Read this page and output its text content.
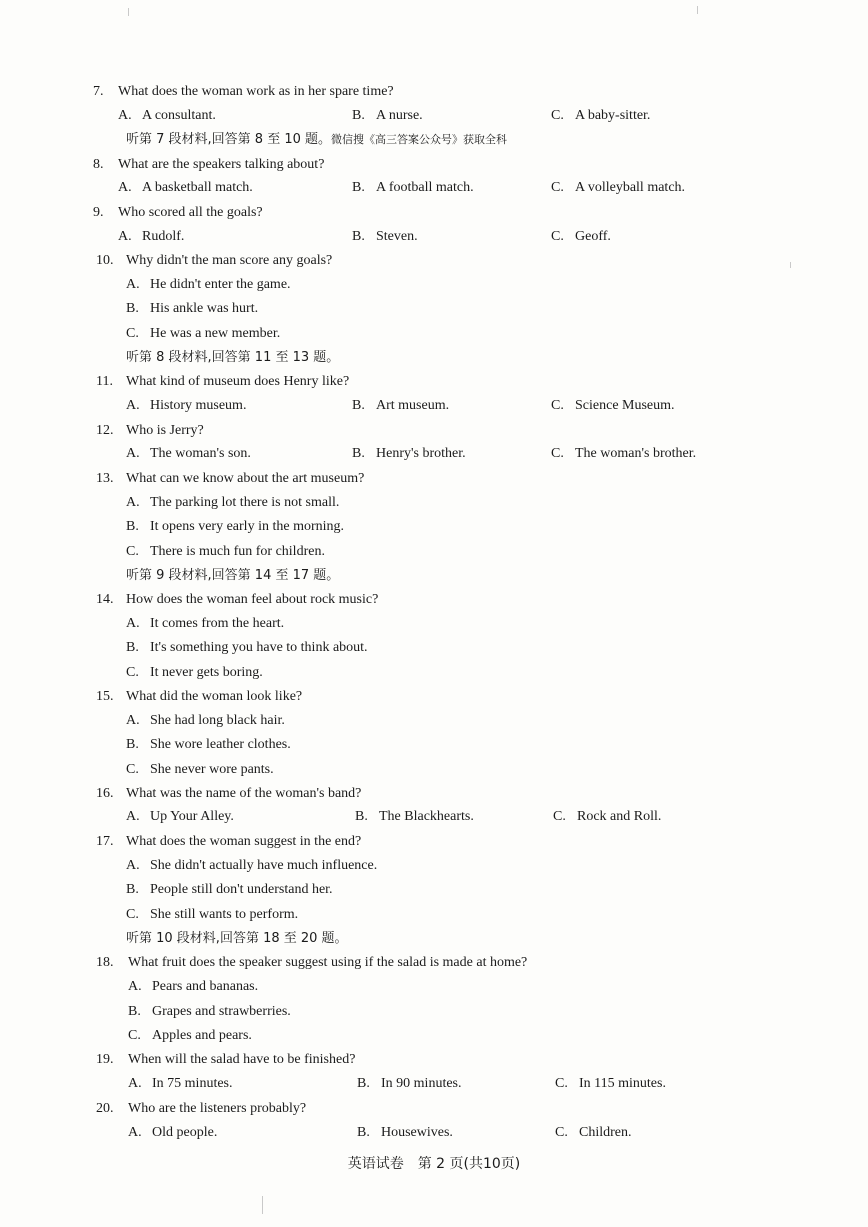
7. What does the woman work as in her spare time?
A. A consultant.	B. A nurse.	C. A baby-sitter.
听第 7 段材料,回答第 8 至 10 题。微信搜《高三答案公众号》获取全科
8. What are the speakers talking about?
A. A basketball match.	B. A football match.	C. A volleyball match.
9. Who scored all the goals?
A. Rudolf.	B. Steven.	C. Geoff.
10. Why didn't the man score any goals?
A. He didn't enter the game.
B. His ankle was hurt.
C. He was a new member.
听第 8 段材料,回答第 11 至 13 题。
11. What kind of museum does Henry like?
A. History museum.	B. Art museum.	C. Science Museum.
12. Who is Jerry?
A. The woman's son.	B. Henry's brother.	C. The woman's brother.
13. What can we know about the art museum?
A. The parking lot there is not small.
B. It opens very early in the morning.
C. There is much fun for children.
听第 9 段材料,回答第 14 至 17 题。
14. How does the woman feel about rock music?
A. It comes from the heart.
B. It's something you have to think about.
C. It never gets boring.
15. What did the woman look like?
A. She had long black hair.
B. She wore leather clothes.
C. She never wore pants.
16. What was the name of the woman's band?
A. Up Your Alley.	B. The Blackhearts.	C. Rock and Roll.
17. What does the woman suggest in the end?
A. She didn't actually have much influence.
B. People still don't understand her.
C. She still wants to perform.
听第 10 段材料,回答第 18 至 20 题。
18. What fruit does the speaker suggest using if the salad is made at home?
A. Pears and bananas.
B. Grapes and strawberries.
C. Apples and pears.
19. When will the salad have to be finished?
A. In 75 minutes.	B. In 90 minutes.	C. In 115 minutes.
20. Who are the listeners probably?
A. Old people.	B. Housewives.	C. Children.
英语试卷　第 2 页(共10页)
